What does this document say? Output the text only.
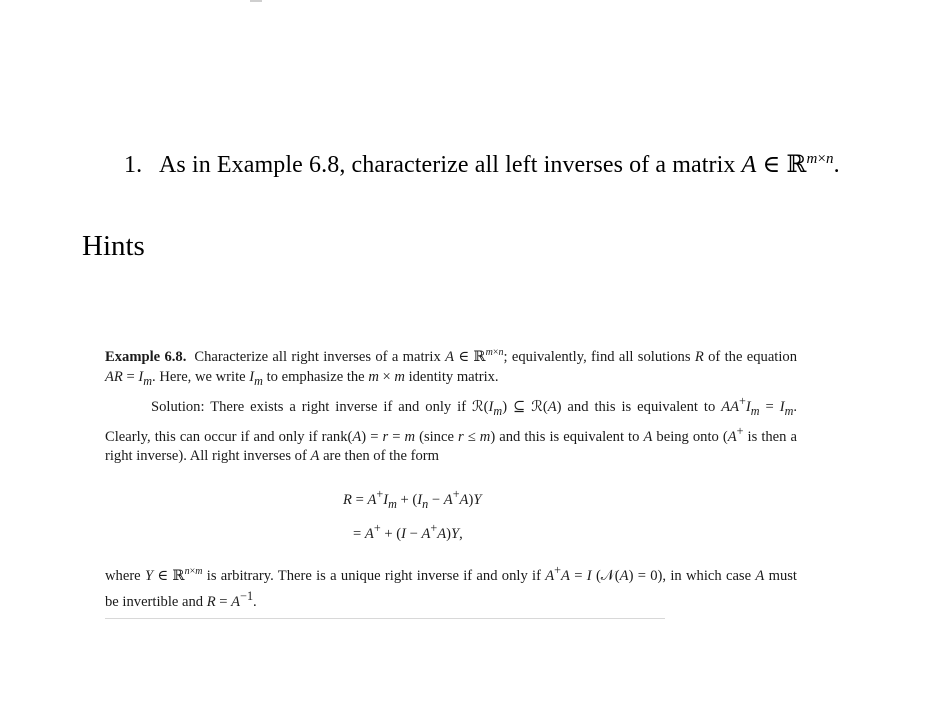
1. As in Example 6.8, characterize all left inverses of a matrix A ∈ ℝ$^{m\times n}$.
Hints

Example 6.8. Characterize all right inverses of a matrix A ∈ ℝ$^{m\times n}$; equivalently, find all solutions R of the equation AR = $I_m$. Here, we write $I_m$ to emphasize the m × m identity matrix.

Solution: There exists a right inverse if and only if $ℛ(I_m)$ ⊆ ℛ(A) and this is equivalent to $AA^+I_m = I_m$. Clearly, this can occur if and only if rank(A) = r = m (since r ≤ m) and this is equivalent to A being onto (A+ is then a right inverse). All right inverses of A are then of the form

$R = A^+I_m + (I_n - A^+A)Y$
= A+ + (I − A+A)Y,

where Y ∈ ℝ$^{n\times m}$ is arbitrary. There is a unique right inverse if and only if A+A = I (𝒩(A) = 0), in which case A must be invertible and $R = A^{-1}$.
